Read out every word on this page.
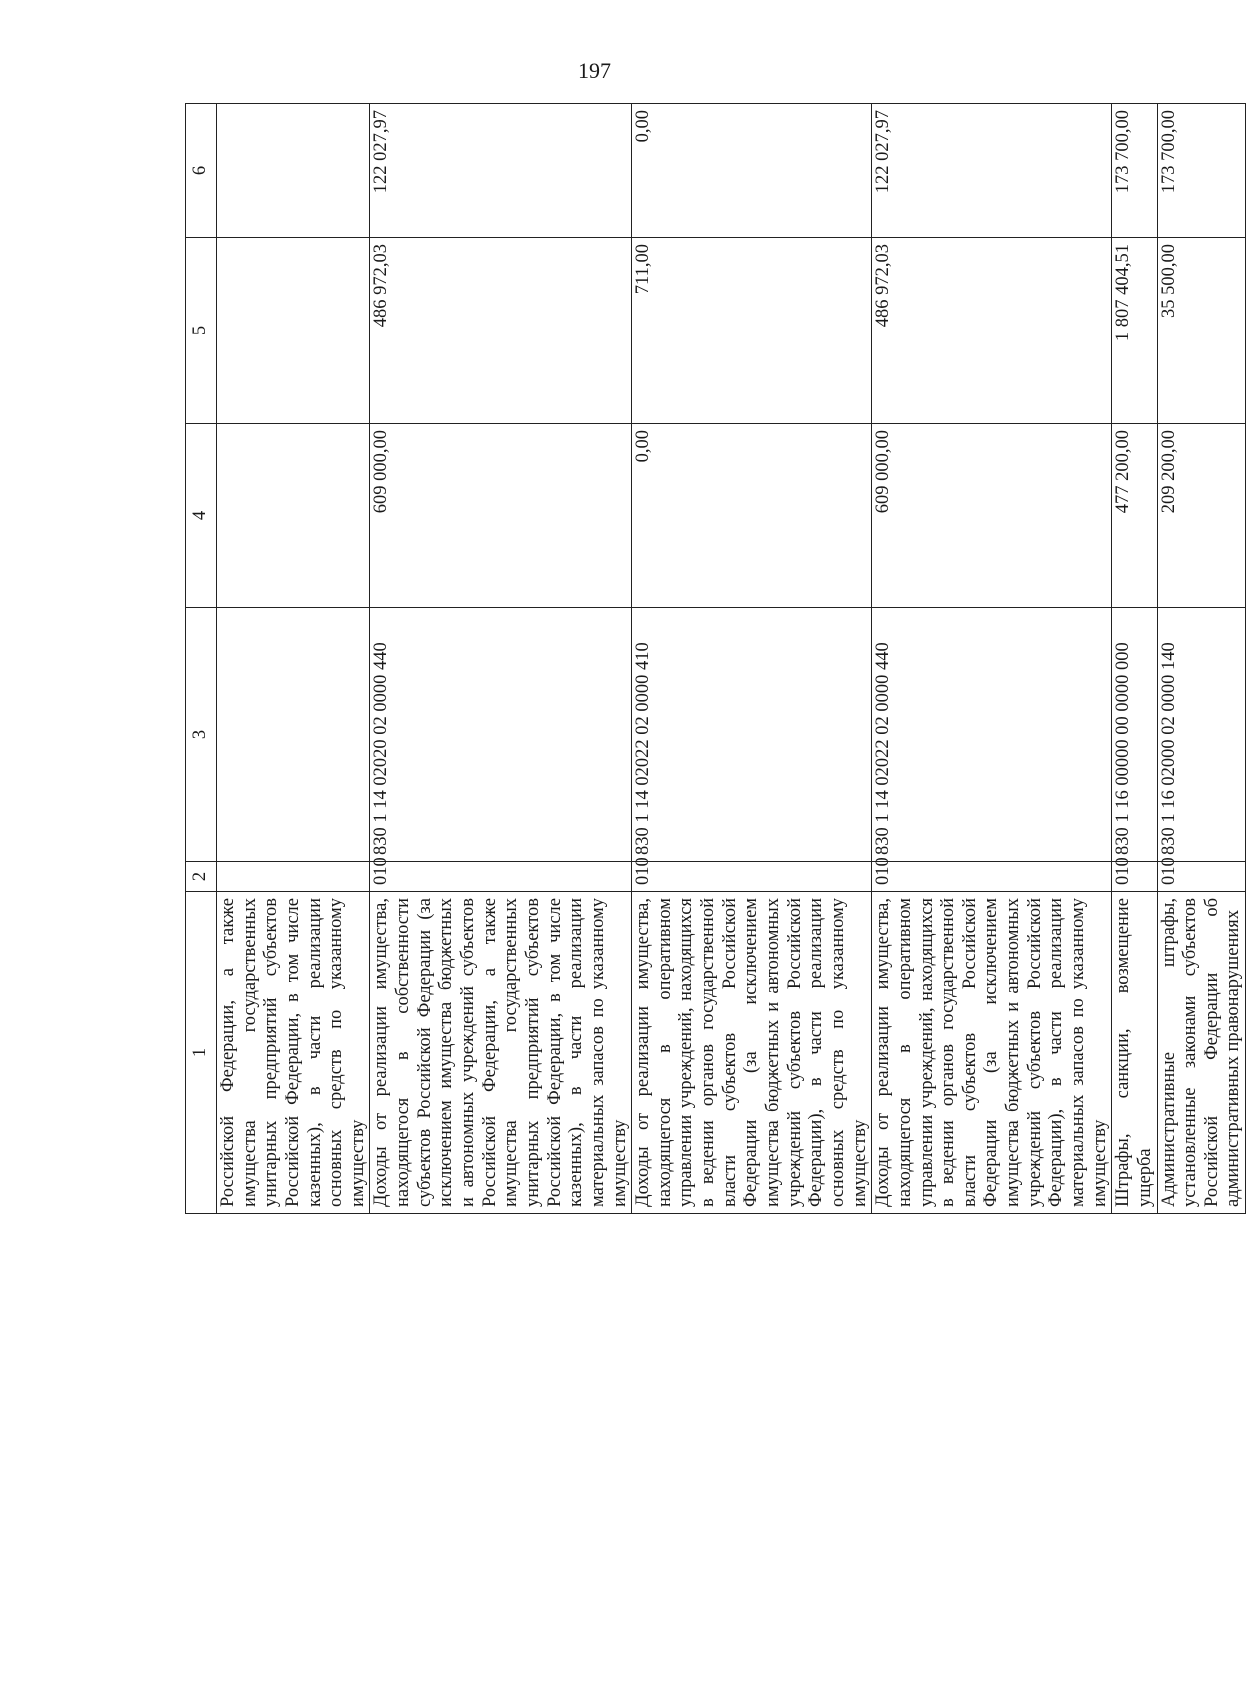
197
1	2	3	4	5	6
Российской Федерации, а также имущества государственных унитарных предприятий субъектов Российской Федерации, в том числе казенных), в части реализации основных средств по указанному имуществу					
Доходы от реализации имущества, находящегося в собственности субъектов Российской Федерации (за исключением имущества бюджетных и автономных учреждений субъектов Российской Федерации, а также имущества государственных унитарных предприятий субъектов Российской Федерации, в том числе казенных), в части реализации материальных запасов по указанному имуществу	010	830 1 14 02020 02 0000 440	609 000,00	486 972,03	122 027,97
Доходы от реализации имущества, находящегося в оперативном управлении учреждений, находящихся в ведении органов государственной власти субъектов Российской Федерации (за исключением имущества бюджетных и автономных учреждений субъектов Российской Федерации), в части реализации основных средств по указанному имуществу	010	830 1 14 02022 02 0000 410	0,00	711,00	0,00
Доходы от реализации имущества, находящегося в оперативном управлении учреждений, находящихся в ведении органов государственной власти субъектов Российской Федерации (за исключением имущества бюджетных и автономных учреждений субъектов Российской Федерации), в части реализации материальных запасов по указанному имуществу	010	830 1 14 02022 02 0000 440	609 000,00	486 972,03	122 027,97
Штрафы, санкции, возмещение ущерба	010	830 1 16 00000 00 0000 000	477 200,00	1 807 404,51	173 700,00
Административные штрафы, установленные законами субъектов Российской Федерации об административных правонарушениях	010	830 1 16 02000 02 0000 140	209 200,00	35 500,00	173 700,00
